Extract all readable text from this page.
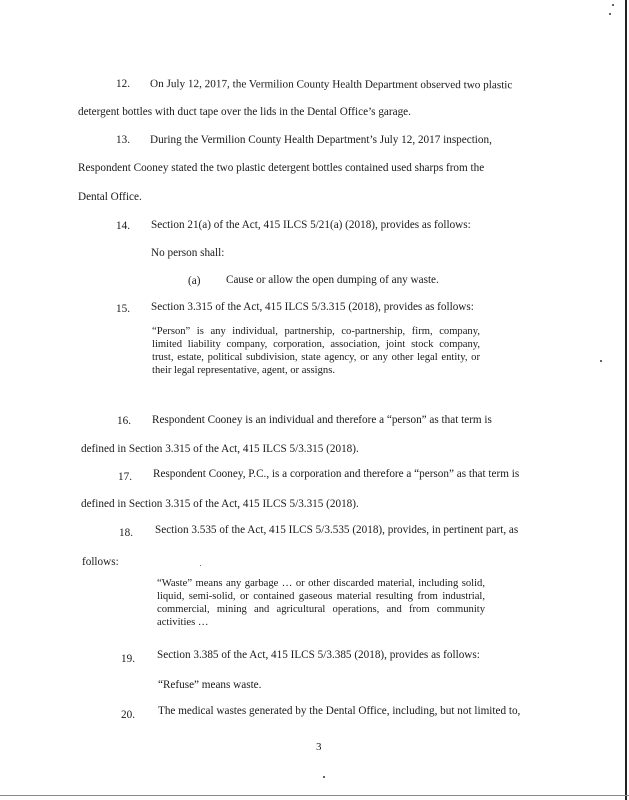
12. On July 12, 2017, the Vermilion County Health Department observed two plastic
detergent bottles with duct tape over the lids in the Dental Office’s garage.
13. During the Vermilion County Health Department’s July 12, 2017 inspection,
Respondent Cooney stated the two plastic detergent bottles contained used sharps from the
Dental Office.
14. Section 21(a) of the Act, 415 ILCS 5/21(a) (2018), provides as follows:
No person shall:
(a) Cause or allow the open dumping of any waste.
15. Section 3.315 of the Act, 415 ILCS 5/3.315 (2018), provides as follows:
“Person” is any individual, partnership, co-partnership, firm, company, limited liability company, corporation, association, joint stock company, trust, estate, political subdivision, state agency, or any other legal entity, or their legal representative, agent, or assigns.
16. Respondent Cooney is an individual and therefore a “person” as that term is
defined in Section 3.315 of the Act, 415 ILCS 5/3.315 (2018).
17. Respondent Cooney, P.C., is a corporation and therefore a “person” as that term is
defined in Section 3.315 of the Act, 415 ILCS 5/3.315 (2018).
18. Section 3.535 of the Act, 415 ILCS 5/3.535 (2018), provides, in pertinent part, as
follows:
“Waste” means any garbage … or other discarded material, including solid, liquid, semi-solid, or contained gaseous material resulting from industrial, commercial, mining and agricultural operations, and from community activities …
19. Section 3.385 of the Act, 415 ILCS 5/3.385 (2018), provides as follows:
“Refuse” means waste.
20. The medical wastes generated by the Dental Office, including, but not limited to,
3
